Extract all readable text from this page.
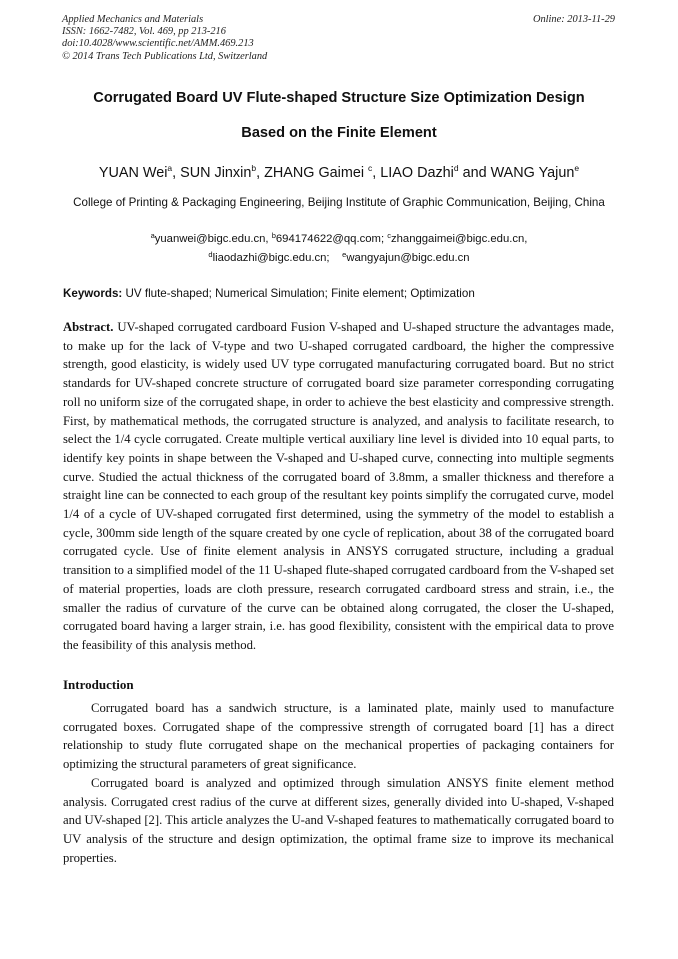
Applied Mechanics and Materials
ISSN: 1662-7482, Vol. 469, pp 213-216
doi:10.4028/www.scientific.net/AMM.469.213
© 2014 Trans Tech Publications Ltd, Switzerland
Online: 2013-11-29
Corrugated Board UV Flute-shaped Structure Size Optimization Design
Based on the Finite Element
YUAN Wei$^a$, SUN Jinxin$^b$, ZHANG Gaimei $^c$, LIAO Dazhi$^d$ and WANG Yajun$^e$
College of Printing & Packaging Engineering, Beijing Institute of Graphic Communication, Beijing, China
$^a$yuanwei@bigc.edu.cn, $^b$694174622@qq.com; $^c$zhanggaimei@bigc.edu.cn,
$^d$liaodazhi@bigc.edu.cn; $^e$wangyajun@bigc.edu.cn
Keywords: UV flute-shaped; Numerical Simulation; Finite element; Optimization
Abstract. UV-shaped corrugated cardboard Fusion V-shaped and U-shaped structure the advantages made, to make up for the lack of V-type and two U-shaped corrugated cardboard, the higher the compressive strength, good elasticity, is widely used UV type corrugated manufacturing corrugated board. But no strict standards for UV-shaped concrete structure of corrugated board size parameter corresponding corrugating roll no uniform size of the corrugated shape, in order to achieve the best elasticity and compressive strength. First, by mathematical methods, the corrugated structure is analyzed, and analysis to facilitate research, to select the 1/4 cycle corrugated. Create multiple vertical auxiliary line level is divided into 10 equal parts, to identify key points in shape between the V-shaped and U-shaped curve, connecting into multiple segments curve. Studied the actual thickness of the corrugated board of 3.8mm, a smaller thickness and therefore a straight line can be connected to each group of the resultant key points simplify the corrugated curve, model 1/4 of a cycle of UV-shaped corrugated first determined, using the symmetry of the model to establish a cycle, 300mm side length of the square created by one cycle of replication, about 38 of the corrugated board corrugated cycle. Use of finite element analysis in ANSYS corrugated structure, including a gradual transition to a simplified model of the 11 U-shaped flute-shaped corrugated cardboard from the V-shaped set of material properties, loads are cloth pressure, research corrugated cardboard stress and strain, i.e., the smaller the radius of curvature of the curve can be obtained along corrugated, the closer the U-shaped, corrugated board having a larger strain, i.e. has good flexibility, consistent with the empirical data to prove the feasibility of this analysis method.
Introduction

Corrugated board has a sandwich structure, is a laminated plate, mainly used to manufacture corrugated boxes. Corrugated shape of the compressive strength of corrugated board [1] has a direct relationship to study flute corrugated shape on the mechanical properties of packaging containers for optimizing the structural parameters of great significance.

Corrugated board is analyzed and optimized through simulation ANSYS finite element method analysis. Corrugated crest radius of the curve at different sizes, generally divided into U-shaped, V-shaped and UV-shaped [2]. This article analyzes the U-and V-shaped features to mathematically corrugated board to UV analysis of the structure and design optimization, the optimal frame size to improve its mechanical properties.
